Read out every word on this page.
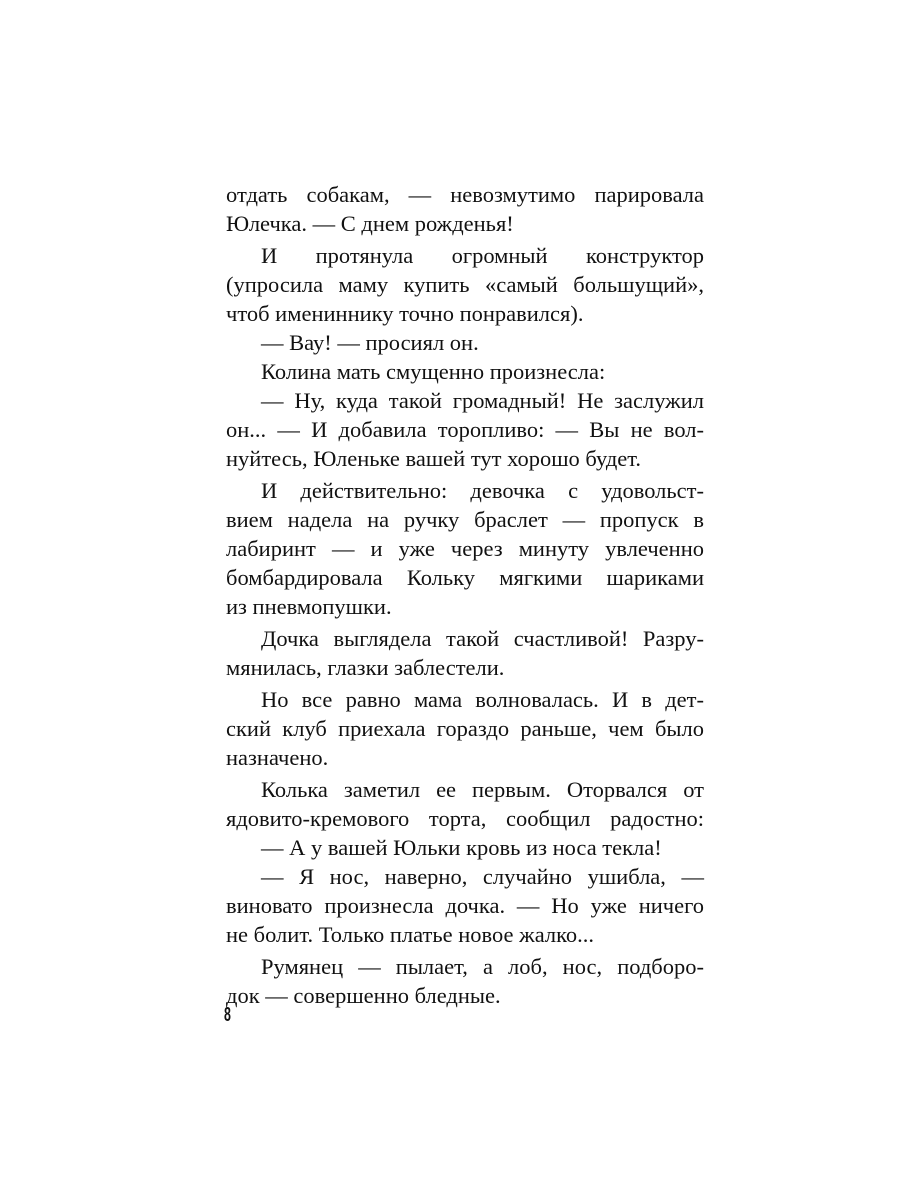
отдать собакам, — невозмутимо парировала
Юлечка. — С днем рожденья!
И протянула огромный конструктор
(упросила маму купить «самый большущий»,
чтоб имениннику точно понравился).
— Вау! — просиял он.
Колина мать смущенно произнесла:
— Ну, куда такой громадный! Не заслужил
он... — И добавила торопливо: — Вы не вол-
нуйтесь, Юленьке вашей тут хорошо будет.
И действительно: девочка с удовольст-
вием надела на ручку браслет — пропуск в
лабиринт — и уже через минуту увлеченно
бомбардировала Кольку мягкими шариками
из пневмопушки.
Дочка выглядела такой счастливой! Разру-
мянилась, глазки заблестели.
Но все равно мама волновалась. И в дет-
ский клуб приехала гораздо раньше, чем было
назначено.
Колька заметил ее первым. Оторвался от
ядовито-кремового торта, сообщил радостно:
— А у вашей Юльки кровь из носа текла!
— Я нос, наверно, случайно ушибла, —
виновато произнесла дочка. — Но уже ничего
не болит. Только платье новое жалко...
Румянец — пылает, а лоб, нос, подборо-
док — совершенно бледные.
8
